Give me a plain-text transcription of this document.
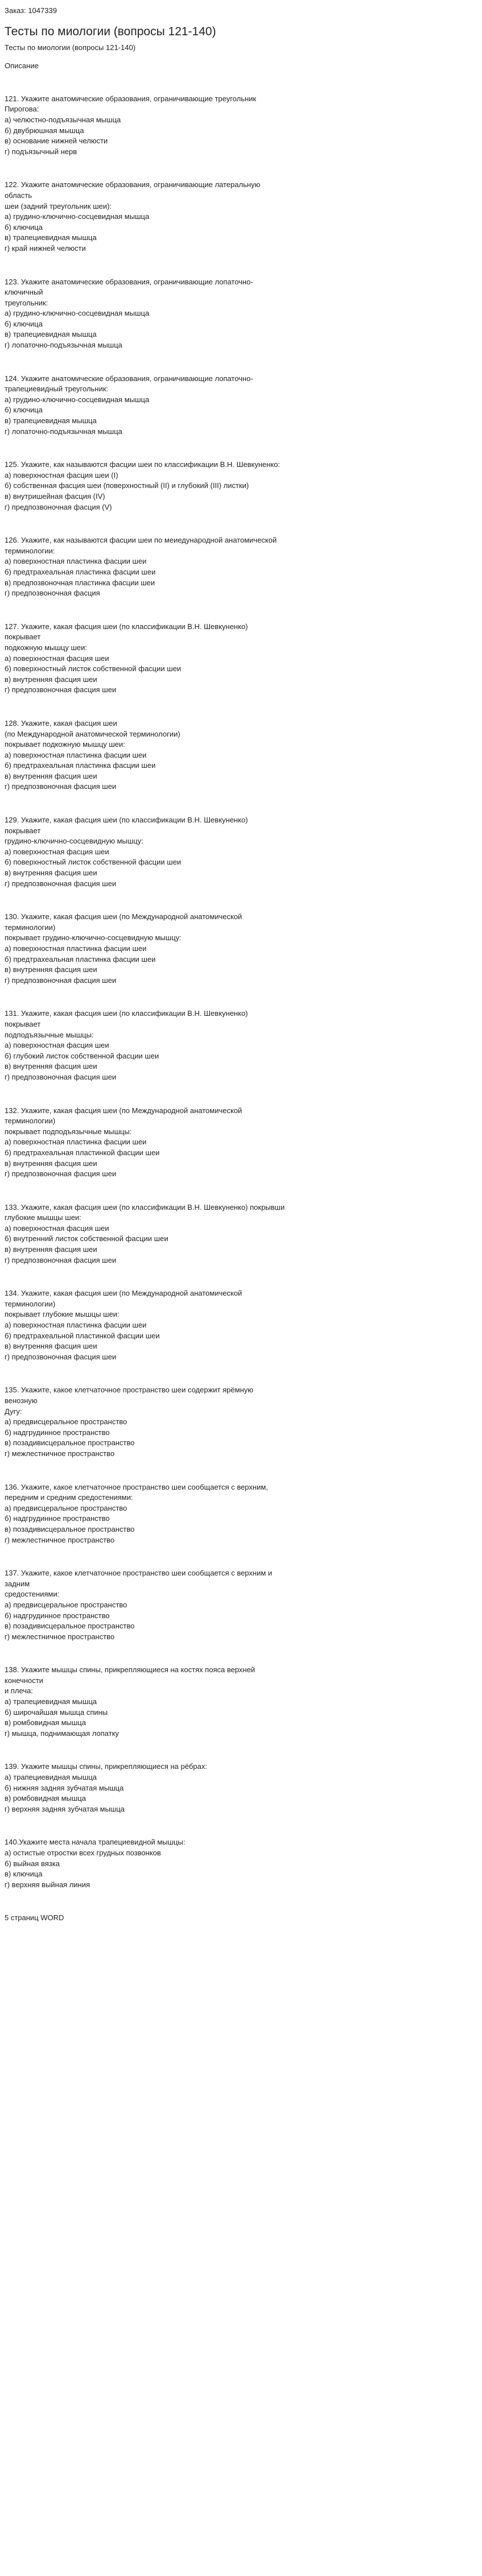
Заказ: 1047339
Тесты по миологии (вопросы 121-140)
Тесты по миологии (вопросы 121-140)
Описание
121. Укажите анатомические образования, ограничивающие треугольник
Пирогова:
а) челюстно-подъязычная мышца
б) двубрюшная мышца
в) основание нижней челюсти
г) подъязычный нерв
122. Укажите анатомические образования, ограничивающие латеральную
область
шеи (задний треугольник шеи):
а) грудино-ключично-сосцевидная мышца
б) ключица
в) трапециевидная мышца
г) край нижней челюсти
123. Укажите анатомические образования, ограничивающие лопаточно-
ключичный
треугольник:
а) грудино-ключично-сосцевидная мышца
б) ключица
в) трапециевидная мышца
г) лопаточно-подъязычная мышца
124. Укажите анатомические образования, ограничивающие лопаточно-
трапециевидный треугольник:
а) грудино-ключично-сосцевидная мышца
б) ключица
в) трапециевидная мышца
г) лопаточно-подъязычная мышца
125. Укажите, как называются фасции шеи по классификации В.Н. Шевкуненко:
а) поверхностная фасция шеи (I)
б) собственная фасция шеи (поверхностный (II) и глубокий (III) листки)
в) внутришейная фасция (IV)
г) предпозвоночная фасция (V)
126. Укажите, как называются фасции шеи по меиедународной анатомической
терминологии:
а) поверхностная пластинка фасции шеи
б) предтрахеальная пластинка фасции шеи
в) предпозвоночная пластинка фасции шеи
г) предпозвоночная фасция
127. Укажите, какая фасция шеи (по классификации В.Н. Шевкуненко)
покрывает
подкожную мышцу шеи:
а) поверхностная фасция шеи
б) поверхностный листок собственной фасции шеи
в) внутренняя фасция шеи
г) предпозвоночная фасция шеи
128. Укажите, какая фасция шеи
(по Международной анатомической терминологии)
покрывает подкожную мышцу шеи:
а) поверхностная пластинка фасции шеи
б) предтрахеальная пластинка фасции шеи
в) внутренняя фасция шеи
г) предпозвоночная фасция шеи
129. Укажите, какая фасция шеи (по классификации В.Н. Шевкуненко)
покрывает
грудино-ключично-сосцевидную мышцу:
а) поверхностная фасция шеи
б) поверхностный листок собственной фасции шеи
в) внутренняя фасция шеи
г) предпозвоночная фасция шеи
130. Укажите, какая фасция шеи (по Международной анатомической
терминологии)
покрывает грудино-ключично-сосцевидную мышцу:
а) поверхностная пластинка фасции шеи
б) предтрахеальная пластинка фасции шеи
в) внутренняя фасция шеи
г) предпозвоночная фасция шеи
131. Укажите, какая фасция шеи (по классификации В.Н. Шевкуненко)
покрывает
подподъязычные мышцы:
а) поверхностная фасция шеи
б) глубокий листок собственной фасции шеи
в) внутренняя фасция шеи
г) предпозвоночная фасция шеи
132. Укажите, какая фасция шеи (по Международной анатомической
терминологии)
покрывает подподъязычные мышцы:
а) поверхностная пластинка фасции шеи
б) предтрахеальная пластинкой фасции шеи
в) внутренняя фасция шеи
г) предпозвоночная фасция шеи
133. Укажите, какая фасция шеи (по классификации В.Н. Шевкуненко) покрывши
глубокие мышцы шеи:
а) поверхностная фасция шеи
б) внутренний листок собственной фасции шеи
в) внутренняя фасция шеи
г) предпозвоночная фасция шеи
134. Укажите, какая фасция шеи (по Международной анатомической
терминологии)
покрывает глубокие мышцы шеи:
а) поверхностная пластинка фасции шеи
б) предтрахеальной пластинкой фасции шеи
в) внутренняя фасция шеи
г) предпозвоночная фасция шеи
135. Укажите, какое клетчаточное пространство шеи содержит ярёмную
венозную
Дугу:
а) предвисцеральное пространство
б) надгрудинное пространство
в) позадивисцеральное пространство
г) межлестничное пространство
136. Укажите, какое клетчаточное пространство шеи сообщается с верхним,
передним и средним средостениями:
а) предвисцеральное пространство
б) надгрудинное пространство
в) позадивисцеральное пространство
г) межлестничное пространство
137. Укажите, какое клетчаточное пространство шеи сообщается с верхним и
задним
средостениями:
а) предвисцеральное пространство
б) надгрудинное пространство
в) позадивисцеральное пространство
г) межлестничное пространство
138. Укажите мышцы спины, прикрепляющиеся на костях пояса верхней
конечности
и плеча:
а) трапециевидная мышца
б) широчайшая мышца спины
в) ромбовидная мышца
г) мышца, поднимающая лопатку
139. Укажите мышцы спины, прикрепляющиеся на рёбрах:
а) трапециевидная мышца
б) нижняя задняя зубчатая мышца
в) ромбовидная мышца
г) верхняя задняя зубчатая мышца
140.Укажите места начала трапециевидной мышцы:
а) остистые отростки всех грудных позвонков
б) выйная вязка
в) ключица
г) верхняя выйная линия
5 страниц WORD
